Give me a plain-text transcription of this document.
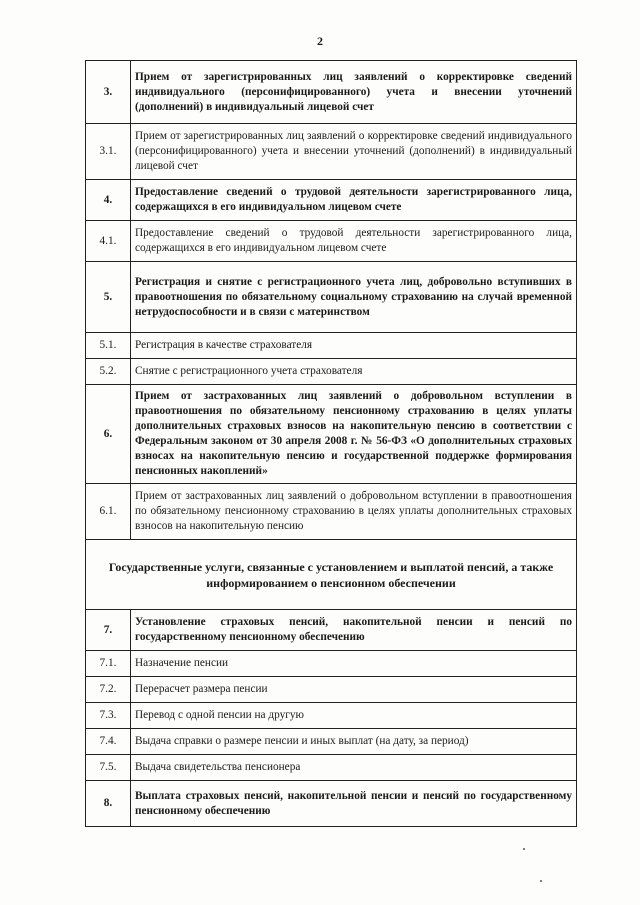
2
3.	Прием от зарегистрированных лиц заявлений о корректировке сведений индивидуального (персонифицированного) учета и внесении уточнений (дополнений) в индивидуальный лицевой счет
3.1.	Прием от зарегистрированных лиц заявлений о корректировке сведений индивидуального (персонифицированного) учета и внесении уточнений (дополнений) в индивидуальный лицевой счет
4.	Предоставление сведений о трудовой деятельности зарегистрированного лица, содержащихся в его индивидуальном лицевом счете
4.1.	Предоставление сведений о трудовой деятельности зарегистрированного лица, содержащихся в его индивидуальном лицевом счете
5.	Регистрация и снятие с регистрационного учета лиц, добровольно вступивших в правоотношения по обязательному социальному страхованию на случай временной нетрудоспособности и в связи с материнством
5.1.	Регистрация в качестве страхователя
5.2.	Снятие с регистрационного учета страхователя
6.	Прием от застрахованных лиц заявлений о добровольном вступлении в правоотношения по обязательному пенсионному страхованию в целях уплаты дополнительных страховых взносов на накопительную пенсию в соответствии с Федеральным законом от 30 апреля 2008 г. № 56-ФЗ «О дополнительных страховых взносах на накопительную пенсию и государственной поддержке формирования пенсионных накоплений»
6.1.	Прием от застрахованных лиц заявлений о добровольном вступлении в правоотношения по обязательному пенсионному страхованию в целях уплаты дополнительных страховых взносов на накопительную пенсию
Государственные услуги, связанные с установлением и выплатой пенсий, а также информированием о пенсионном обеспечении	
7.	Установление страховых пенсий, накопительной пенсии и пенсий по государственному пенсионному обеспечению
7.1.	Назначение пенсии
7.2.	Перерасчет размера пенсии
7.3.	Перевод с одной пенсии на другую
7.4.	Выдача справки о размере пенсии и иных выплат (на дату, за период)
7.5.	Выдача свидетельства пенсионера
8.	Выплата страховых пенсий, накопительной пенсии и пенсий по государственному пенсионному обеспечению
